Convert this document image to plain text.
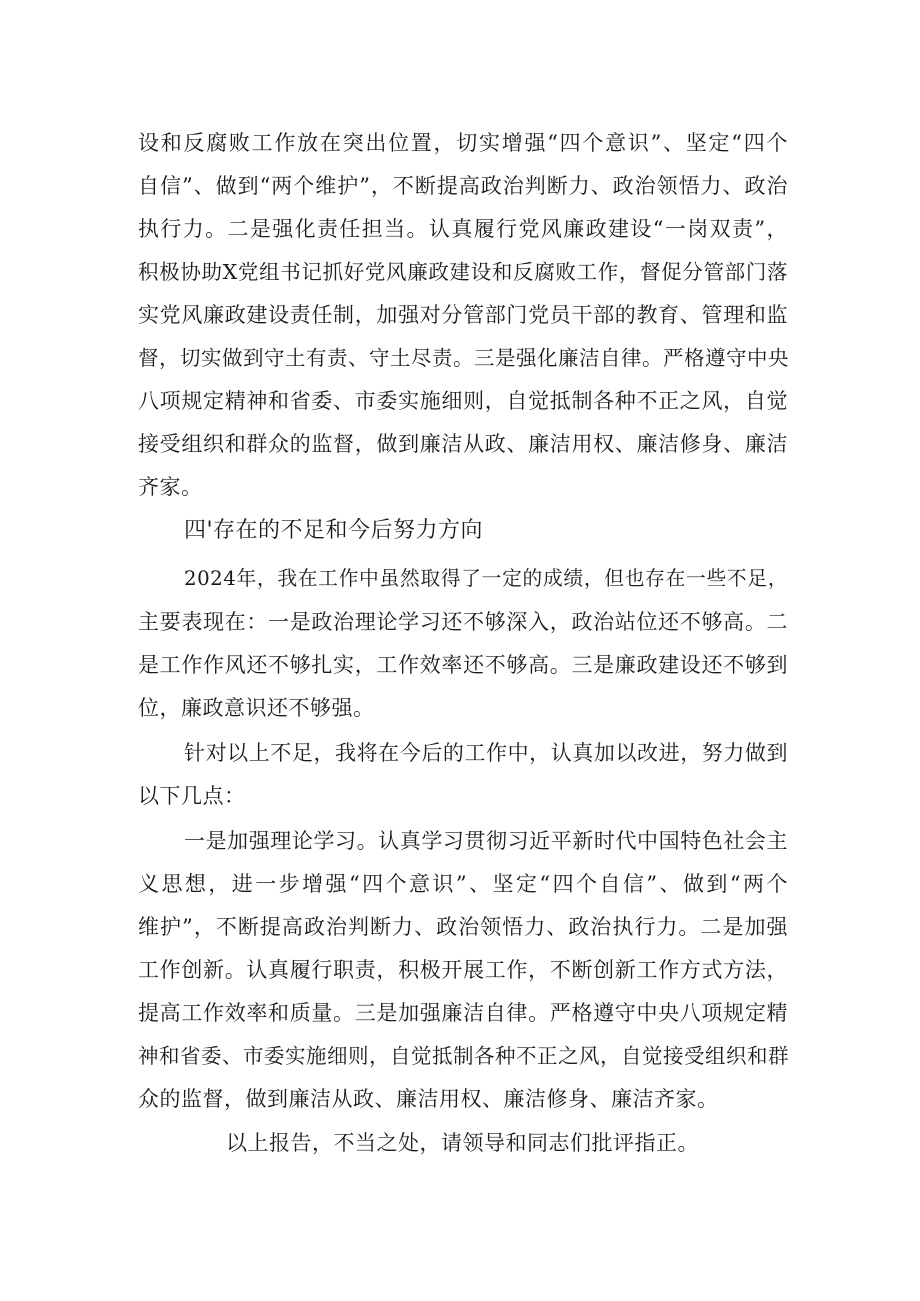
设和反腐败工作放在突出位置，切实增强“四个意识”、坚定“四个
自信”、做到“两个维护”，不断提高政治判断力、政治领悟力、政治
执行力。二是强化责任担当。认真履行党风廉政建设“一岗双责”，
积极协助X党组书记抓好党风廉政建设和反腐败工作，督促分管部门落
实党风廉政建设责任制，加强对分管部门党员干部的教育、管理和监
督，切实做到守土有责、守土尽责。三是强化廉洁自律。严格遵守中央
八项规定精神和省委、市委实施细则，自觉抵制各种不正之风，自觉
接受组织和群众的监督，做到廉洁从政、廉洁用权、廉洁修身、廉洁
齐家。
四'存在的不足和今后努力方向
2024年，我在工作中虽然取得了一定的成绩，但也存在一些不足，
主要表现在：一是政治理论学习还不够深入，政治站位还不够高。二
是工作作风还不够扎实，工作效率还不够高。三是廉政建设还不够到
位，廉政意识还不够强。
针对以上不足，我将在今后的工作中，认真加以改进，努力做到
以下几点：
一是加强理论学习。认真学习贯彻习近平新时代中国特色社会主
义思想，进一步增强“四个意识”、坚定“四个自信”、做到“两个
维护”，不断提高政治判断力、政治领悟力、政治执行力。二是加强
工作创新。认真履行职责，积极开展工作，不断创新工作方式方法，
提高工作效率和质量。三是加强廉洁自律。严格遵守中央八项规定精
神和省委、市委实施细则，自觉抵制各种不正之风，自觉接受组织和群
众的监督，做到廉洁从政、廉洁用权、廉洁修身、廉洁齐家。
以上报告，不当之处，请领导和同志们批评指正。
